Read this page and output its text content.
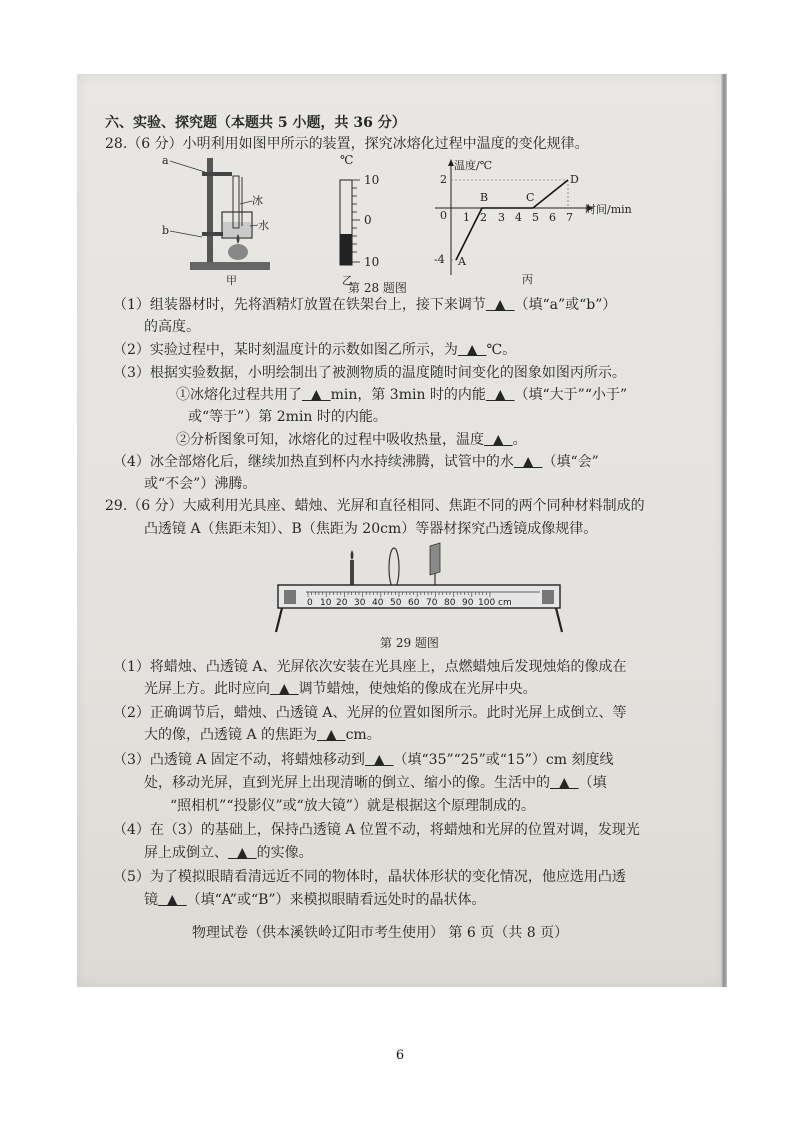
六、实验、探究题（本题共 5 小题，共 36 分）
28.（6 分）小明利用如图甲所示的装置，探究冰熔化过程中温度的变化规律。
a
b
冰
水
甲
℃
10
0
10
乙
第 28 题图
温度/℃
时间/min
2
0
-4
1 2 3 4 5 6 7
A
B	C
D
丙
（1）组装器材时，先将酒精灯放置在铁架台上，接下来调节  ▲  （填“a”或“b”）
的高度。
（2）实验过程中，某时刻温度计的示数如图乙所示，为  ▲  ℃。
（3）根据实验数据，小明绘制出了被测物质的温度随时间变化的图象如图丙所示。
①冰熔化过程共用了  ▲  min，第 3min 时的内能  ▲  （填“大于”“小于”
或“等于”）第 2min 时的内能。
②分析图象可知，冰熔化的过程中吸收热量，温度  ▲  。
（4）冰全部熔化后，继续加热直到杯内水持续沸腾，试管中的水  ▲  （填“会”
或“不会”）沸腾。
29.（6 分）大威利用光具座、蜡烛、光屏和直径相同、焦距不同的两个同种材料制成的
凸透镜 A（焦距未知）、B（焦距为 20cm）等器材探究凸透镜成像规律。
0 10 20 30 40 50 60 70 80 90 100 cm
第 29 题图
（1）将蜡烛、凸透镜 A、光屏依次安装在光具座上，点燃蜡烛后发现烛焰的像成在
光屏上方。此时应向  ▲  调节蜡烛，使烛焰的像成在光屏中央。
（2）正确调节后，蜡烛、凸透镜 A、光屏的位置如图所示。此时光屏上成倒立、等
大的像，凸透镜 A 的焦距为  ▲  cm。
（3）凸透镜 A 固定不动，将蜡烛移动到  ▲  （填“35”“25”或“15”）cm 刻度线
处，移动光屏，直到光屏上出现清晰的倒立、缩小的像。生活中的  ▲  （填
“照相机”“投影仪”或“放大镜”）就是根据这个原理制成的。
（4）在（3）的基础上，保持凸透镜 A 位置不动，将蜡烛和光屏的位置对调，发现光
屏上成倒立、  ▲  的实像。
（5）为了模拟眼睛看清远近不同的物体时，晶状体形状的变化情况，他应选用凸透
镜  ▲  （填“A”或“B”）来模拟眼睛看远处时的晶状体。
物理试卷（供本溪铁岭辽阳市考生使用） 第 6 页（共 8 页）
6
